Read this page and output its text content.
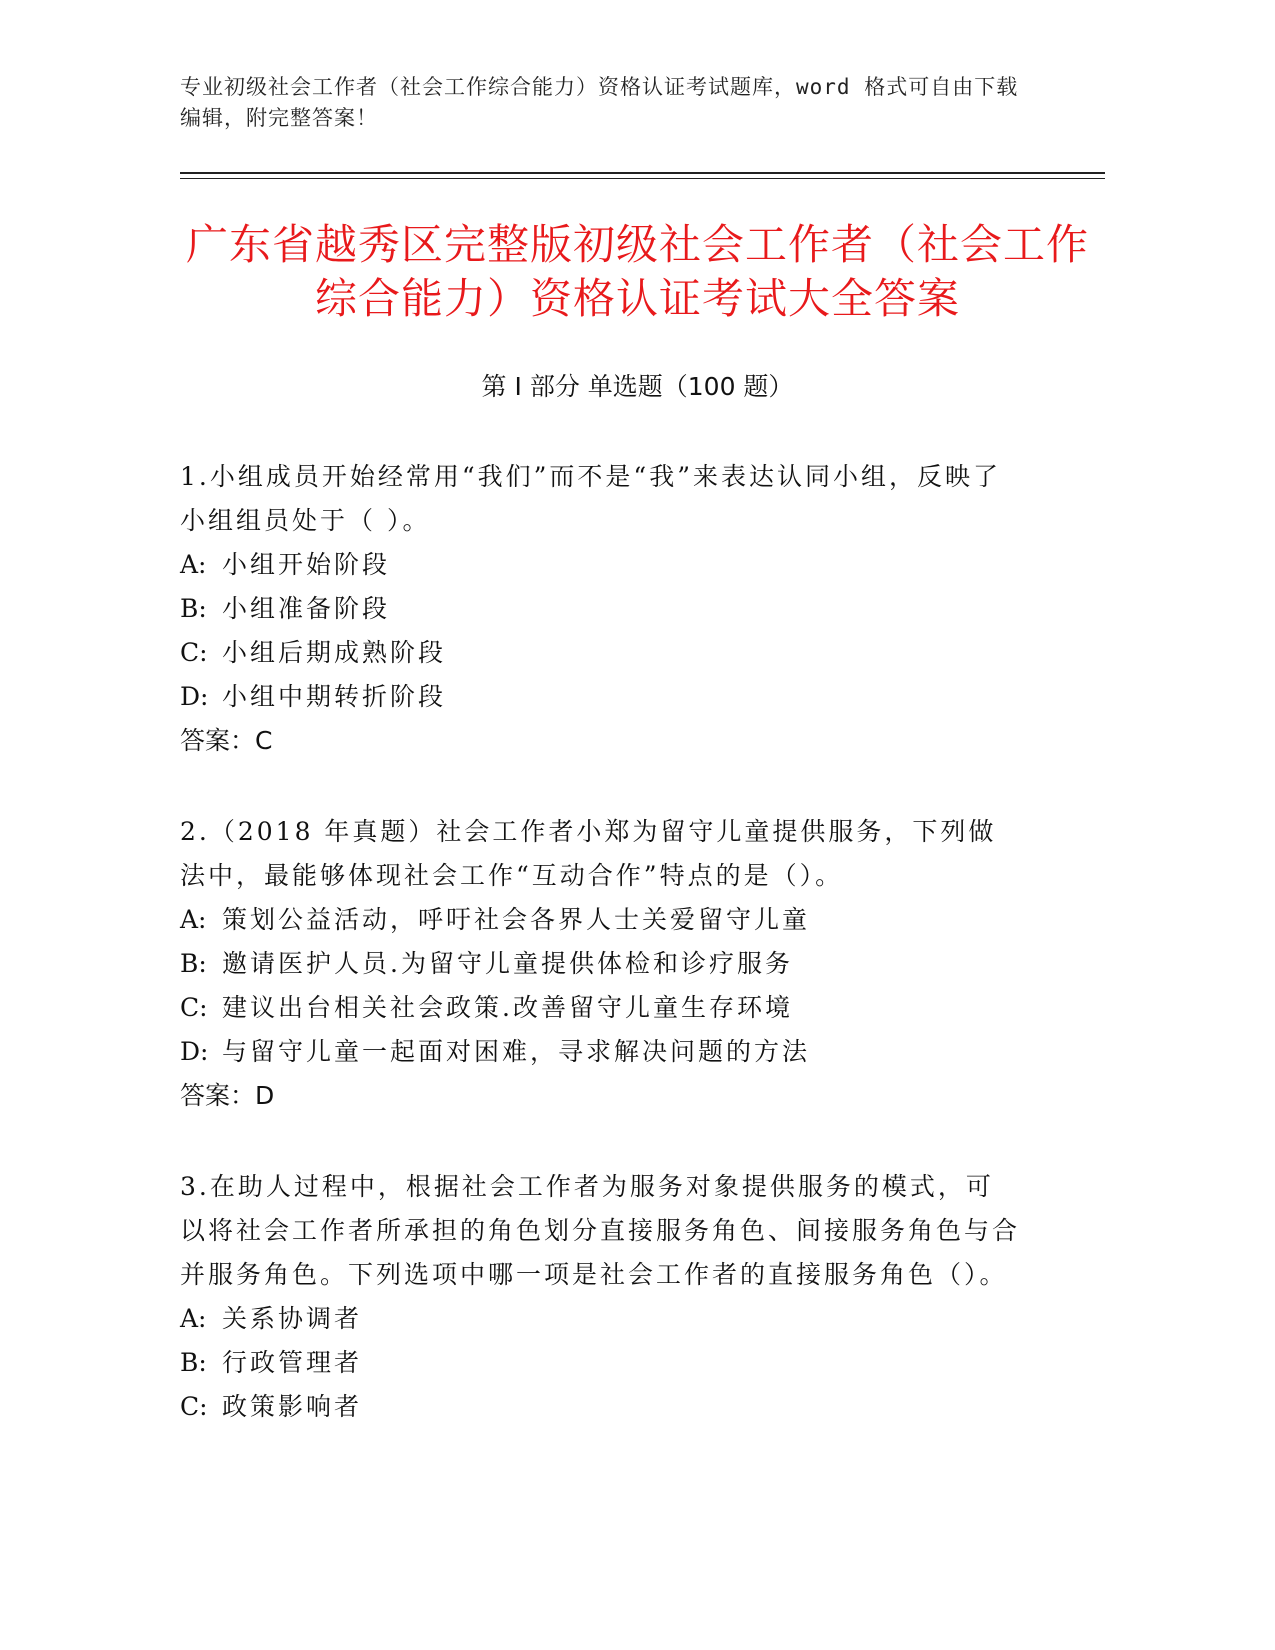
专业初级社会工作者（社会工作综合能力）资格认证考试题库，word 格式可自由下载编辑，附完整答案！
广东省越秀区完整版初级社会工作者（社会工作综合能力）资格认证考试大全答案
第 I 部分 单选题（100 题）
1.小组成员开始经常用“我们”而不是“我”来表达认同小组，反映了小组组员处于（ ）。
A: 小组开始阶段
B: 小组准备阶段
C: 小组后期成熟阶段
D: 小组中期转折阶段
答案：C
2.（2018 年真题）社会工作者小郑为留守儿童提供服务，下列做法中，最能够体现社会工作“互动合作”特点的是（）。
A: 策划公益活动，呼吁社会各界人士关爱留守儿童
B: 邀请医护人员.为留守儿童提供体检和诊疗服务
C: 建议出台相关社会政策.改善留守儿童生存环境
D: 与留守儿童一起面对困难，寻求解决问题的方法
答案：D
3.在助人过程中，根据社会工作者为服务对象提供服务的模式，可以将社会工作者所承担的角色划分直接服务角色、间接服务角色与合并服务角色。下列选项中哪一项是社会工作者的直接服务角色（）。
A: 关系协调者
B: 行政管理者
C: 政策影响者
